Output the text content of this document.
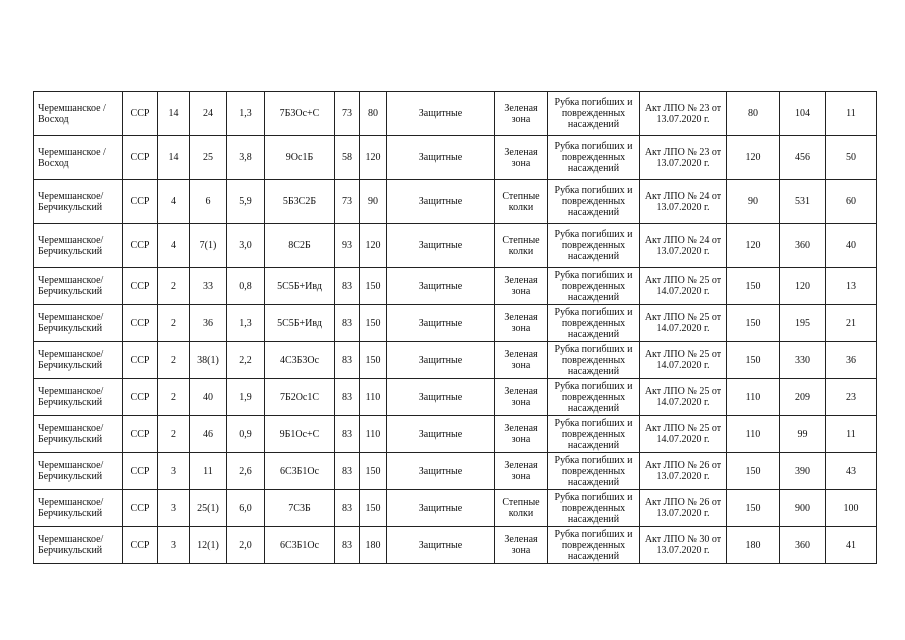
Черемшанское / Восход	ССР	14	24	1,3	7Б3Ос+С	73	80	Защитные	Зеленая зона	Рубка погибших и поврежденных насаждений	Акт ЛПО № 23 от 13.07.2020 г.	80	104	11
Черемшанское / Восход	ССР	14	25	3,8	9Ос1Б	58	120	Защитные	Зеленая зона	Рубка погибших и поврежденных насаждений	Акт ЛПО № 23 от 13.07.2020 г.	120	456	50
Черемшанское/ Берчикульский	ССР	4	6	5,9	5Б3С2Б	73	90	Защитные	Степные колки	Рубка погибших и поврежденных насаждений	Акт ЛПО № 24 от 13.07.2020 г.	90	531	60
Черемшанское/ Берчикульский	ССР	4	7(1)	3,0	8С2Б	93	120	Защитные	Степные колки	Рубка погибших и поврежденных насаждений	Акт ЛПО № 24 от 13.07.2020 г.	120	360	40
Черемшанское/ Берчикульский	ССР	2	33	0,8	5С5Б+Ивд	83	150	Защитные	Зеленая зона	Рубка погибших и поврежденных насаждений	Акт ЛПО № 25 от 14.07.2020 г.	150	120	13
Черемшанское/ Берчикульский	ССР	2	36	1,3	5С5Б+Ивд	83	150	Защитные	Зеленая зона	Рубка погибших и поврежденных насаждений	Акт ЛПО № 25 от 14.07.2020 г.	150	195	21
Черемшанское/ Берчикульский	ССР	2	38(1)	2,2	4С3Б3Ос	83	150	Защитные	Зеленая зона	Рубка погибших и поврежденных насаждений	Акт ЛПО № 25 от 14.07.2020 г.	150	330	36
Черемшанское/ Берчикульский	ССР	2	40	1,9	7Б2Ос1С	83	110	Защитные	Зеленая зона	Рубка погибших и поврежденных насаждений	Акт ЛПО № 25 от 14.07.2020 г.	110	209	23
Черемшанское/ Берчикульский	ССР	2	46	0,9	9Б1Ос+С	83	110	Защитные	Зеленая зона	Рубка погибших и поврежденных насаждений	Акт ЛПО № 25 от 14.07.2020 г.	110	99	11
Черемшанское/ Берчикульский	ССР	3	11	2,6	6С3Б1Ос	83	150	Защитные	Зеленая зона	Рубка погибших и поврежденных насаждений	Акт ЛПО № 26 от 13.07.2020 г.	150	390	43
Черемшанское/ Берчикульский	ССР	3	25(1)	6,0	7С3Б	83	150	Защитные	Степные колки	Рубка погибших и поврежденных насаждений	Акт ЛПО № 26 от 13.07.2020 г.	150	900	100
Черемшанское/ Берчикульский	ССР	3	12(1)	2,0	6С3Б1Ос	83	180	Защитные	Зеленая зона	Рубка погибших и поврежденных насаждений	Акт ЛПО № 30 от 13.07.2020 г.	180	360	41
